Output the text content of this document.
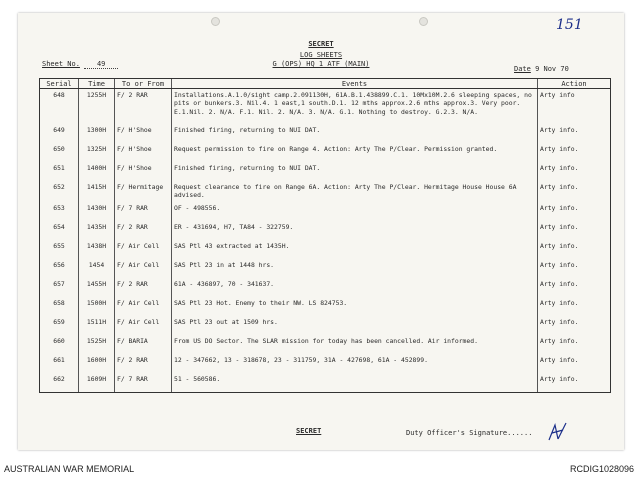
151
SECRET
LOG SHEETS
G (OPS) HQ 1 ATF (MAIN)
Sheet No. 49
Date 9 Nov 70
Serial	Time	To or From	Events	Action
648	1255H	F/ 2 RAR	Installations.A.1.0/sight camp.2.091130H, 61A.B.1.438899.C.1. 10Mx10M.2.6 sleeping spaces, no pits or bunkers.3. Nil.4. 1 east,1 south.D.1. 12 mths approx.2.6 mths approx.3. Very poor. E.1.Nil. 2. N/A. F.1. Nil. 2. N/A. 3. N/A. G.1. Nothing to destroy. G.2.3. N/A.	Arty info
649	1300H	F/ H'Shoe	Finished firing, returning to NUI DAT.	Arty info.
650	1325H	F/ H'Shoe	Request permission to fire on Range 4. Action: Arty The P/Clear. Permission granted.	Arty info.
651	1400H	F/ H'Shoe	Finished firing, returning to NUI DAT.	Arty info.
652	1415H	F/ Hermitage	Request clearance to fire on Range 6A. Action: Arty The P/Clear. Hermitage House House 6A advised.	Arty info.
653	1430H	F/ 7 RAR	OF - 498556.	Arty info.
654	1435H	F/ 2 RAR	ER - 431694, H7, TA84 - 322759.	Arty info.
655	1438H	F/ Air Cell	SAS Ptl 43 extracted at 1435H.	Arty info.
656	1454	F/ Air Cell	SAS Ptl 23 in at 1448 hrs.	Arty info.
657	1455H	F/ 2 RAR	61A - 436897, 70 - 341637.	Arty info.
658	1500H	F/ Air Cell	SAS Ptl 23 Hot. Enemy to their NW. LS 824753.	Arty info.
659	1511H	F/ Air Cell	SAS Ptl 23 out at 1509 hrs.	Arty info.
660	1525H	F/ BARIA	From US DO Sector. The SLAR mission for today has been cancelled. Air informed.	Arty info.
661	1600H	F/ 2 RAR	12 - 347662, 13 - 318678, 23 - 311759, 31A - 427698, 61A - 452899.	Arty info.
662	1609H	F/ 7 RAR	51 - 560586.	Arty info.
SECRET	Duty Officer's Signature......
AUSTRALIAN WAR MEMORIAL	RCDIG1028096
